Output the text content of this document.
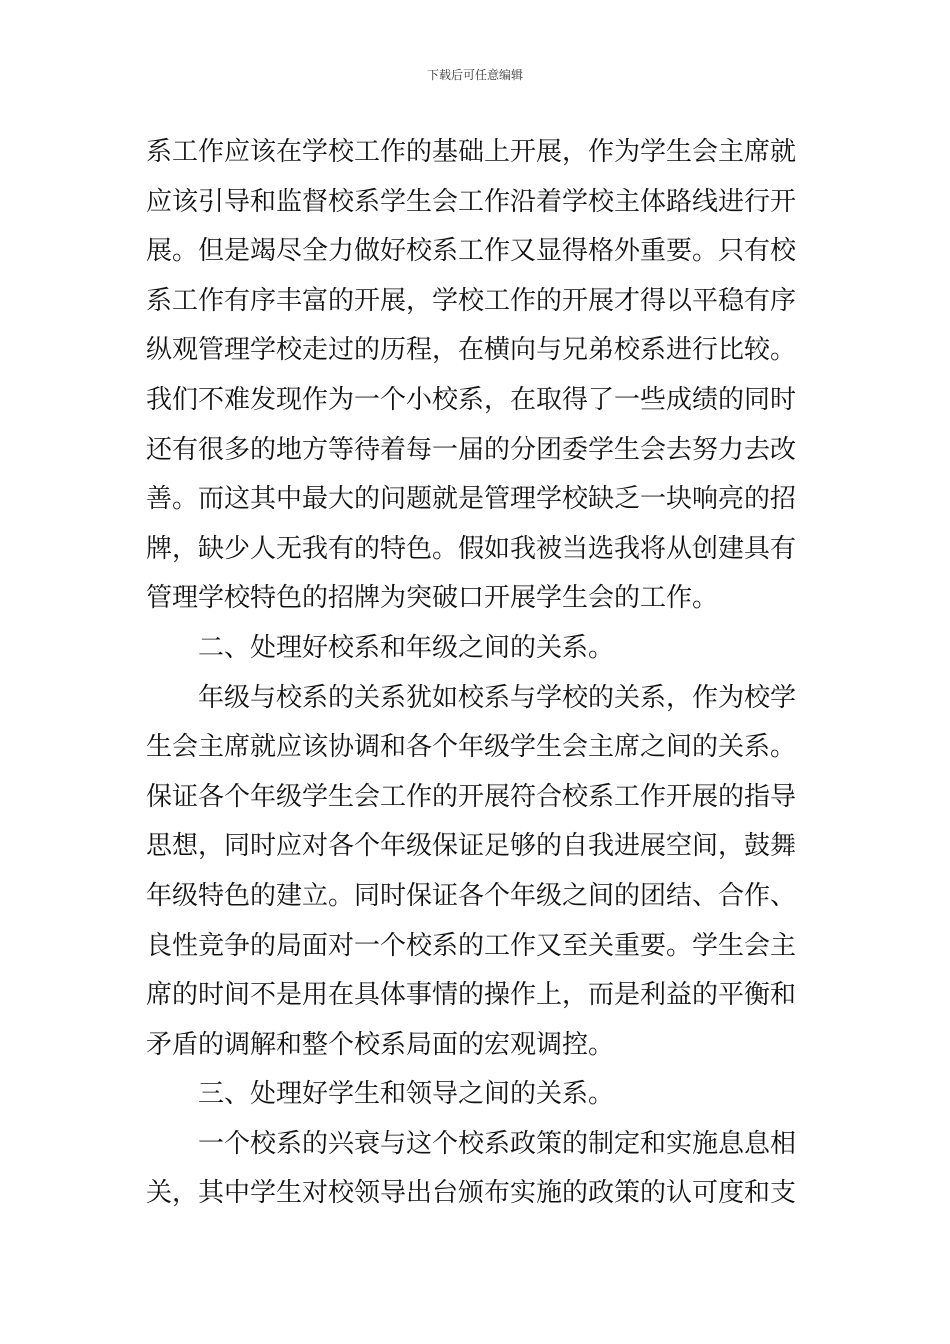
下载后可任意编辑
系工作应该在学校工作的基础上开展，作为学生会主席就
应该引导和监督校系学生会工作沿着学校主体路线进行开
展。但是竭尽全力做好校系工作又显得格外重要。只有校
系工作有序丰富的开展，学校工作的开展才得以平稳有序
纵观管理学校走过的历程，在横向与兄弟校系进行比较。
我们不难发现作为一个小校系，在取得了一些成绩的同时
还有很多的地方等待着每一届的分团委学生会去努力去改
善。而这其中最大的问题就是管理学校缺乏一块响亮的招
牌，缺少人无我有的特色。假如我被当选我将从创建具有
管理学校特色的招牌为突破口开展学生会的工作。
二、处理好校系和年级之间的关系。
年级与校系的关系犹如校系与学校的关系，作为校学
生会主席就应该协调和各个年级学生会主席之间的关系。
保证各个年级学生会工作的开展符合校系工作开展的指导
思想，同时应对各个年级保证足够的自我进展空间，鼓舞
年级特色的建立。同时保证各个年级之间的团结、合作、
良性竞争的局面对一个校系的工作又至关重要。学生会主
席的时间不是用在具体事情的操作上，而是利益的平衡和
矛盾的调解和整个校系局面的宏观调控。
三、处理好学生和领导之间的关系。
一个校系的兴衰与这个校系政策的制定和实施息息相
关，其中学生对校领导出台颁布实施的政策的认可度和支
